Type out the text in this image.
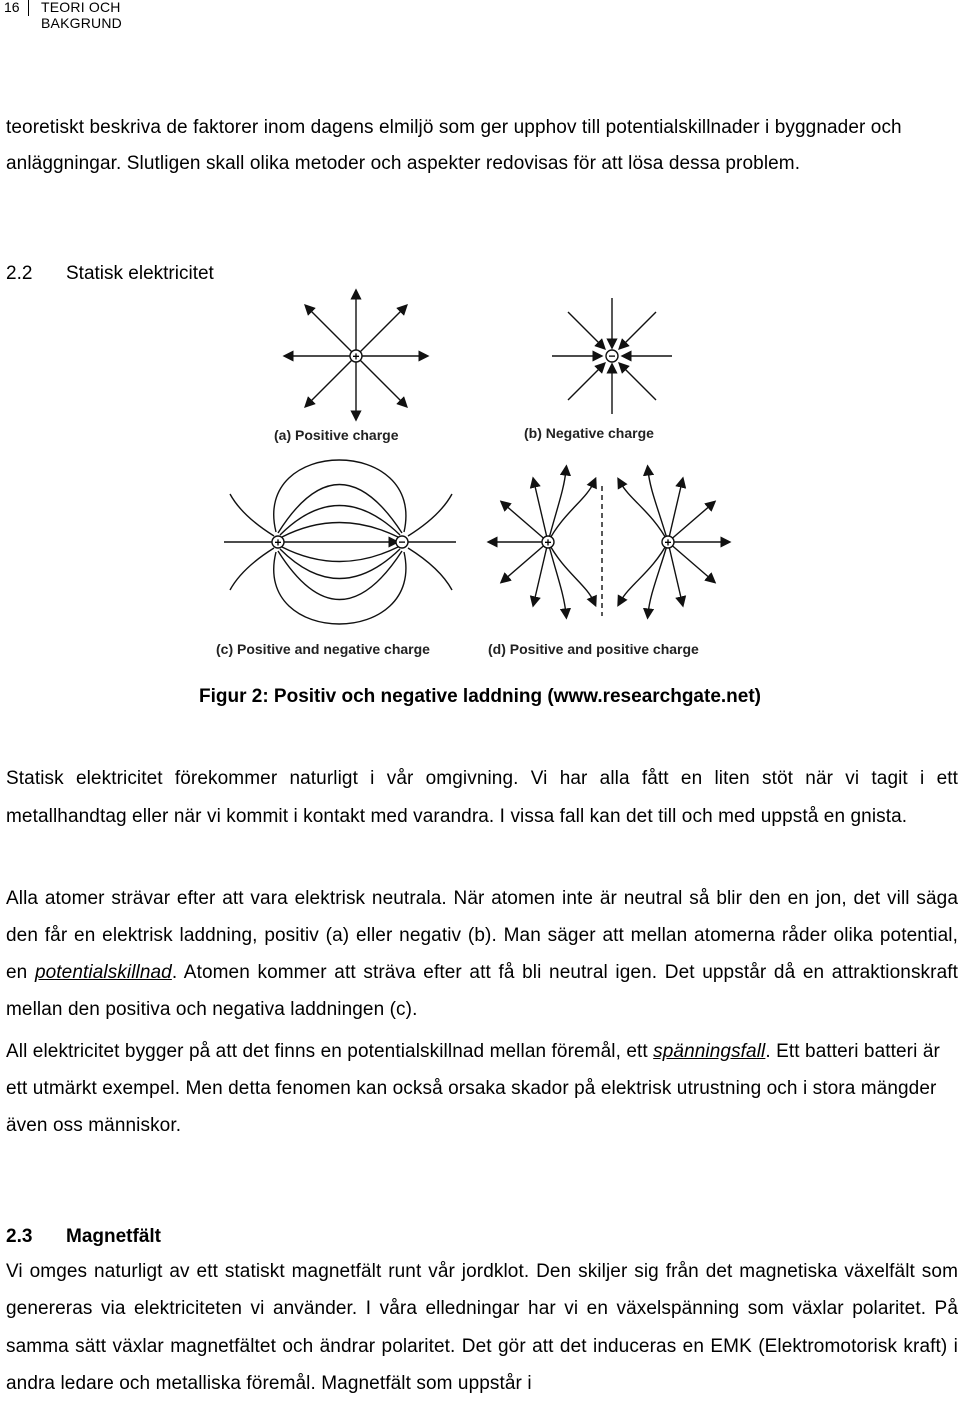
16 TEORI OCH BAKGRUND
teoretiskt beskriva de faktorer inom dagens elmiljö som ger upphov till potentialskillnader i byggnader och anläggningar. Slutligen skall olika metoder och aspekter redovisas för att lösa dessa problem.
2.2 Statisk elektricitet
+	−
(a) Positive charge	(b) Negative charge
+	−	+	+
(c) Positive and negative charge	(d) Positive and positive charge
Figur 2: Positiv och negative laddning (www.researchgate.net)
Statisk elektricitet förekommer naturligt i vår omgivning. Vi har alla fått en liten stöt när vi tagit i ett metallhandtag eller när vi kommit i kontakt med varandra. I vissa fall kan det till och med uppstå en gnista.
Alla atomer strävar efter att vara elektrisk neutrala. När atomen inte är neutral så blir den en jon, det vill säga den får en elektrisk laddning, positiv (a) eller negativ (b). Man säger att mellan atomerna råder olika potential, en potentialskillnad. Atomen kommer att sträva efter att få bli neutral igen. Det uppstår då en attraktionskraft mellan den positiva och negativa laddningen (c).
All elektricitet bygger på att det finns en potentialskillnad mellan föremål, ett spänningsfall. Ett batteri batteri är ett utmärkt exempel. Men detta fenomen kan också orsaka skador på elektrisk utrustning och i stora mängder även oss människor.
2.3 Magnetfält
Vi omges naturligt av ett statiskt magnetfält runt vår jordklot. Den skiljer sig från det magnetiska växelfält som genereras via elektriciteten vi använder. I våra elledningar har vi en växelspänning som växlar polaritet. På samma sätt växlar magnetfältet och ändrar polaritet. Det gör att det induceras en EMK (Elektromotorisk kraft) i andra ledare och metalliska föremål. Magnetfält som uppstår i
